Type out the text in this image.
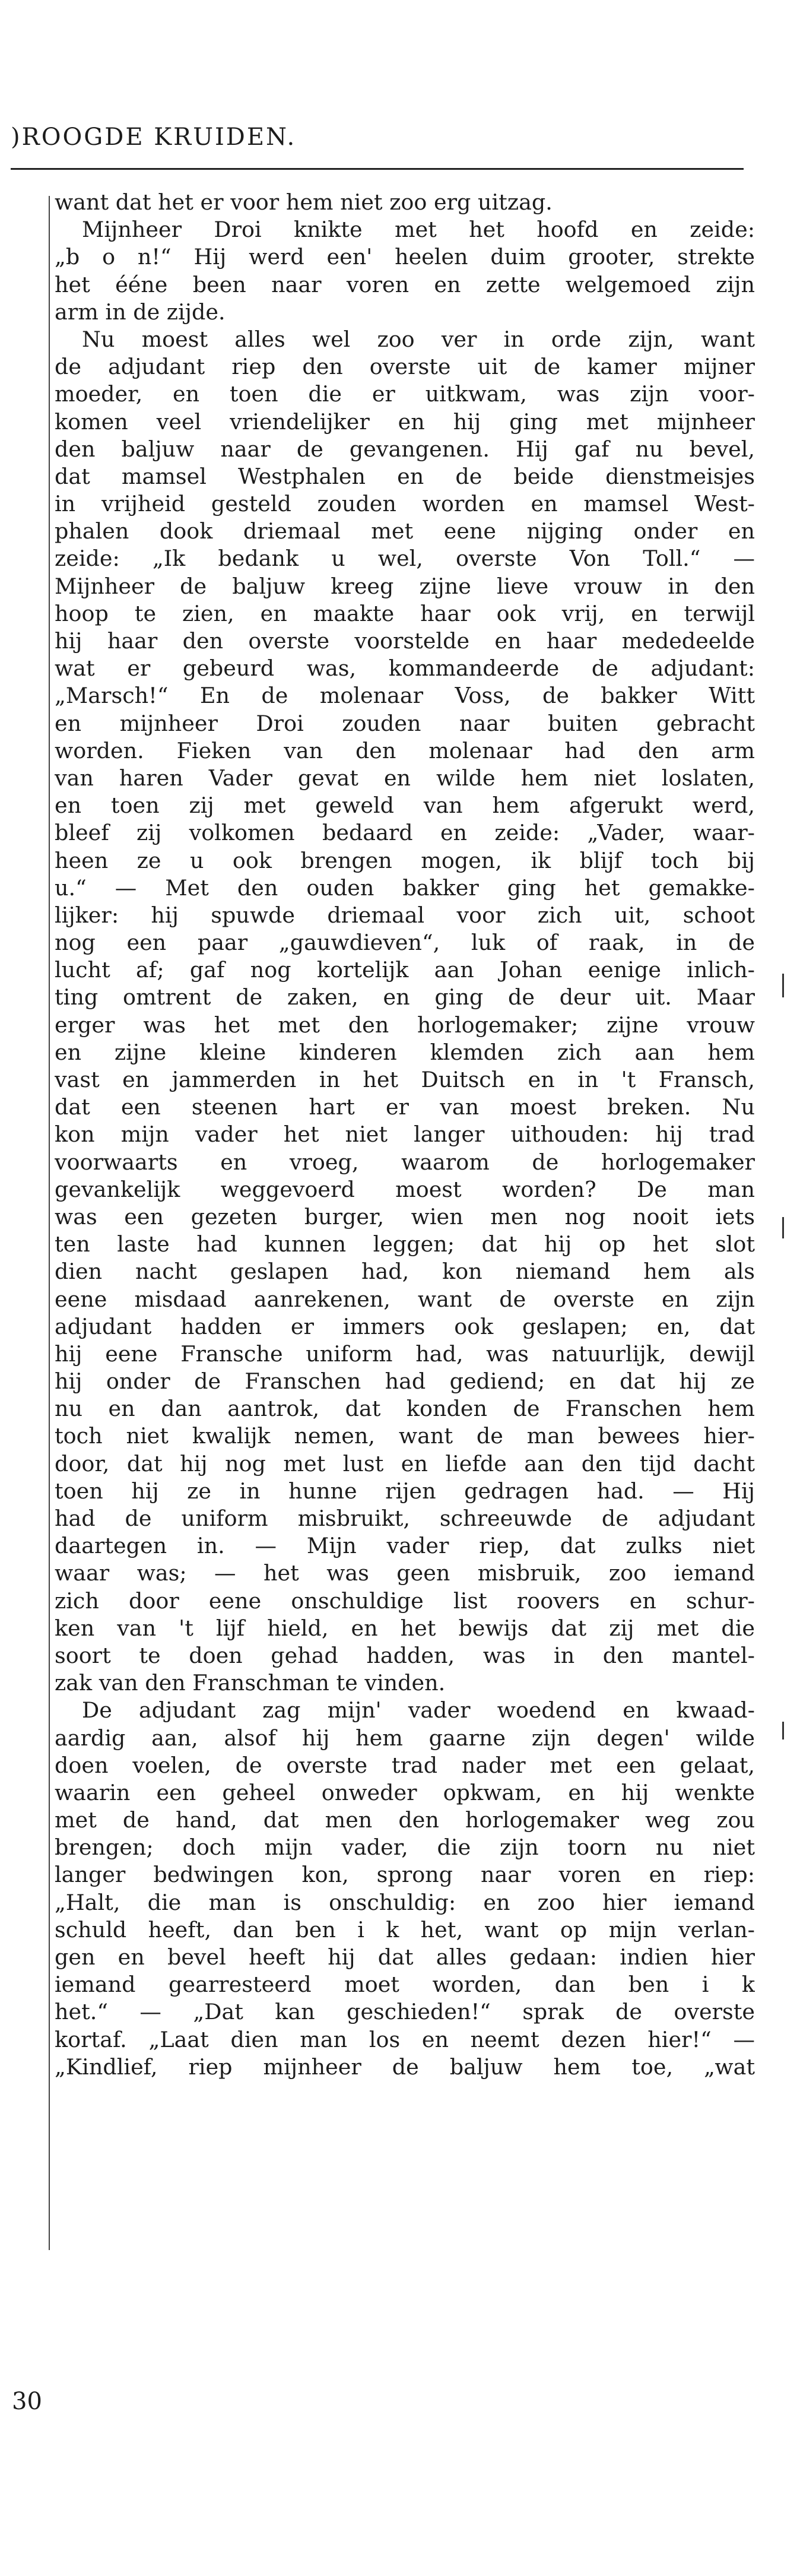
)ROOGDE KRUIDEN.
want dat het er voor hem niet zoo erg uitzag.
Mijnheer Droi knikte met het hoofd en zeide:
„b o n!“ Hij werd een' heelen duim grooter, strekte
het ééne been naar voren en zette welgemoed zijn
arm in de zijde.
Nu moest alles wel zoo ver in orde zijn, want
de adjudant riep den overste uit de kamer mijner
moeder, en toen die er uitkwam, was zijn voor-
komen veel vriendelijker en hij ging met mijnheer
den baljuw naar de gevangenen. Hij gaf nu bevel,
dat mamsel Westphalen en de beide dienstmeisjes
in vrijheid gesteld zouden worden en mamsel West-
phalen dook driemaal met eene nijging onder en
zeide: „Ik bedank u wel, overste Von Toll.“ —
Mijnheer de baljuw kreeg zijne lieve vrouw in den
hoop te zien, en maakte haar ook vrij, en terwijl
hij haar den overste voorstelde en haar mededeelde
wat er gebeurd was, kommandeerde de adjudant:
„Marsch!“ En de molenaar Voss, de bakker Witt
en mijnheer Droi zouden naar buiten gebracht
worden. Fieken van den molenaar had den arm
van haren Vader gevat en wilde hem niet loslaten,
en toen zij met geweld van hem afgerukt werd,
bleef zij volkomen bedaard en zeide: „Vader, waar-
heen ze u ook brengen mogen, ik blijf toch bij
u.“ — Met den ouden bakker ging het gemakke-
lijker: hij spuwde driemaal voor zich uit, schoot
nog een paar „gauwdieven“, luk of raak, in de
lucht af; gaf nog kortelijk aan Johan eenige inlich-
ting omtrent de zaken, en ging de deur uit. Maar
erger was het met den horlogemaker; zijne vrouw
en zijne kleine kinderen klemden zich aan hem
vast en jammerden in het Duitsch en in 't Fransch,
dat een steenen hart er van moest breken. Nu
kon mijn vader het niet langer uithouden: hij trad
voorwaarts en vroeg, waarom de horlogemaker
gevankelijk weggevoerd moest worden? De man
was een gezeten burger, wien men nog nooit iets
ten laste had kunnen leggen; dat hij op het slot
dien nacht geslapen had, kon niemand hem als
eene misdaad aanrekenen, want de overste en zijn
adjudant hadden er immers ook geslapen; en, dat
hij eene Fransche uniform had, was natuurlijk, dewijl
hij onder de Franschen had gediend; en dat hij ze
nu en dan aantrok, dat konden de Franschen hem
toch niet kwalijk nemen, want de man bewees hier-
door, dat hij nog met lust en liefde aan den tijd dacht
toen hij ze in hunne rijen gedragen had. — Hij
had de uniform misbruikt, schreeuwde de adjudant
daartegen in. — Mijn vader riep, dat zulks niet
waar was; — het was geen misbruik, zoo iemand
zich door eene onschuldige list roovers en schur-
ken van 't lijf hield, en het bewijs dat zij met die
soort te doen gehad hadden, was in den mantel-
zak van den Franschman te vinden.
De adjudant zag mijn' vader woedend en kwaad-
aardig aan, alsof hij hem gaarne zijn degen' wilde
doen voelen, de overste trad nader met een gelaat,
waarin een geheel onweder opkwam, en hij wenkte
met de hand, dat men den horlogemaker weg zou
brengen; doch mijn vader, die zijn toorn nu niet
langer bedwingen kon, sprong naar voren en riep:
„Halt, die man is onschuldig: en zoo hier iemand
schuld heeft, dan ben i k het, want op mijn verlan-
gen en bevel heeft hij dat alles gedaan: indien hier
iemand gearresteerd moet worden, dan ben i k
het.“ — „Dat kan geschieden!“ sprak de overste
kortaf. „Laat dien man los en neemt dezen hier!“ —
„Kindlief, riep mijnheer de baljuw hem toe, „wat
30
